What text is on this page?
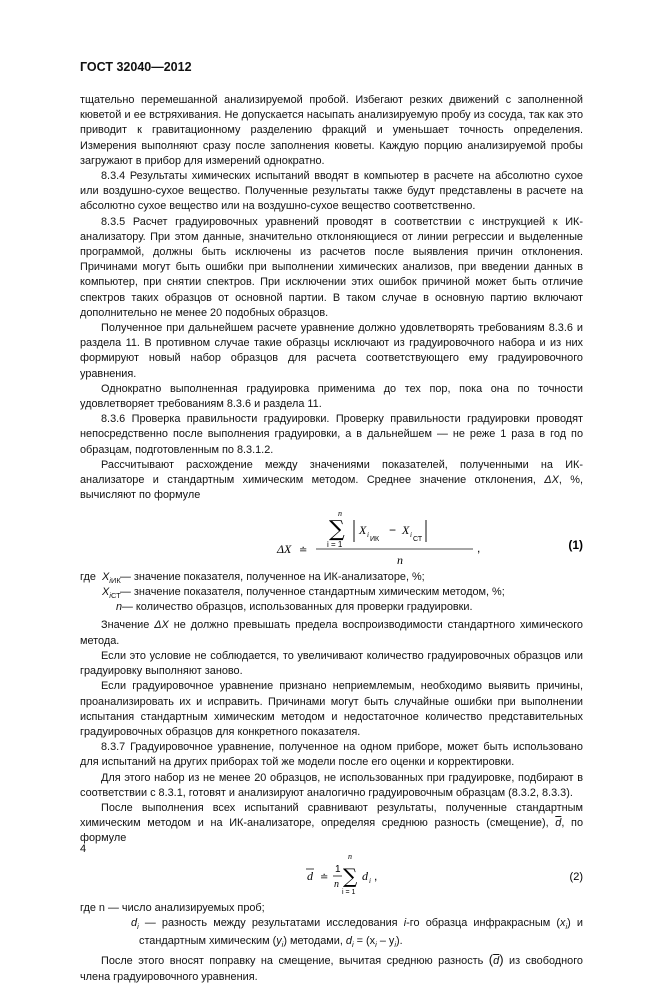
ГОСТ 32040—2012

тщательно перемешанной анализируемой пробой. Избегают резких движений с заполненной кюветой и ее встряхивания. Не допускается насыпать анализируемую пробу из сосуда, так как это приводит к гравитационному разделению фракций и уменьшает точность определения. Измерения выполняют сразу после заполнения кюветы. Каждую порцию анализируемой пробы загружают в прибор для измерений однократно.

8.3.4 Результаты химических испытаний вводят в компьютер в расчете на абсолютно сухое или воздушно-сухое вещество. Полученные результаты также будут представлены в расчете на абсолютно сухое вещество или на воздушно-сухое вещество соответственно.

8.3.5 Расчет градуировочных уравнений проводят в соответствии с инструкцией к ИК-анализатору. При этом данные, значительно отклоняющиеся от линии регрессии и выделенные программой, должны быть исключены из расчетов после выявления причин отклонения. Причинами могут быть ошибки при выполнении химических анализов, при введении данных в компьютер, при снятии спектров. При исключении этих ошибок причиной может быть отличие спектров таких образцов от основной партии. В таком случае в основную партию включают дополнительно не менее 20 подобных образцов.

Полученное при дальнейшем расчете уравнение должно удовлетворять требованиям 8.3.6 и раздела 11. В противном случае такие образцы исключают из градуировочного набора и из них формируют новый набор образцов для расчета соответствующего ему градуировочного уравнения.

Однократно выполненная градуировка применима до тех пор, пока она по точности удовлетворяет требованиям 8.3.6 и раздела 11.

8.3.6 Проверка правильности градуировки. Проверку правильности градуировки проводят непосредственно после выполнения градуировки, а в дальнейшем — не реже 1 раза в год по образцам, подготовленным по 8.3.1.2.

Рассчитывают расхождение между значениями показателей, полученными на ИК-анализаторе и стандартным химическим методом. Среднее значение отклонения, ΔX, %, вычисляют по формуле

n
∑
i = 1
X i
ИК
− X i
СТ
n
,
ΔX ≐	(1)
где $X_{iИК}$ — значение показателя, полученное на ИК-анализаторе, %;
$X_{iСТ}$ — значение показателя, полученное стандартным химическим методом, %;
n — количество образцов, использованных для проверки градуировки.

Значение ΔX не должно превышать предела воспроизводимости стандартного химического метода.

Если это условие не соблюдается, то увеличивают количество градуировочных образцов или градуировку выполняют заново.

Если градуировочное уравнение признано неприемлемым, необходимо выявить причины, проанализировать их и исправить. Причинами могут быть случайные ошибки при выполнении испытания стандартным химическим методом и недостаточное количество представительных градуировочных образцов для конкретного показателя.

8.3.7 Градуировочное уравнение, полученное на одном приборе, может быть использовано для испытаний на других приборах той же модели после его оценки и корректировки.

Для этого набор из не менее 20 образцов, не использованных при градуировке, подбирают в соответствии с 8.3.1, готовят и анализируют аналогично градуировочным образцам (8.3.2, 8.3.3).

После выполнения всех испытаний сравнивают результаты, полученные стандартным химическим методом и на ИК-анализаторе, определяя среднюю разность (смещение), $\overline{d}$, по формуле

d ≐
1
n
n
∑
i = 1
d i ,	(2)

где n — число анализируемых проб;

$d_i$ — разность между результатами исследования i-го образца инфракрасным $(x_i)$ и стандартным химическим $(y_i)$ методами, $d_i = (x_i - y_i)$.

После этого вносят поправку на смещение, вычитая среднюю разность $(\overline{d})$ из свободного члена градуировочного уравнения.

4
